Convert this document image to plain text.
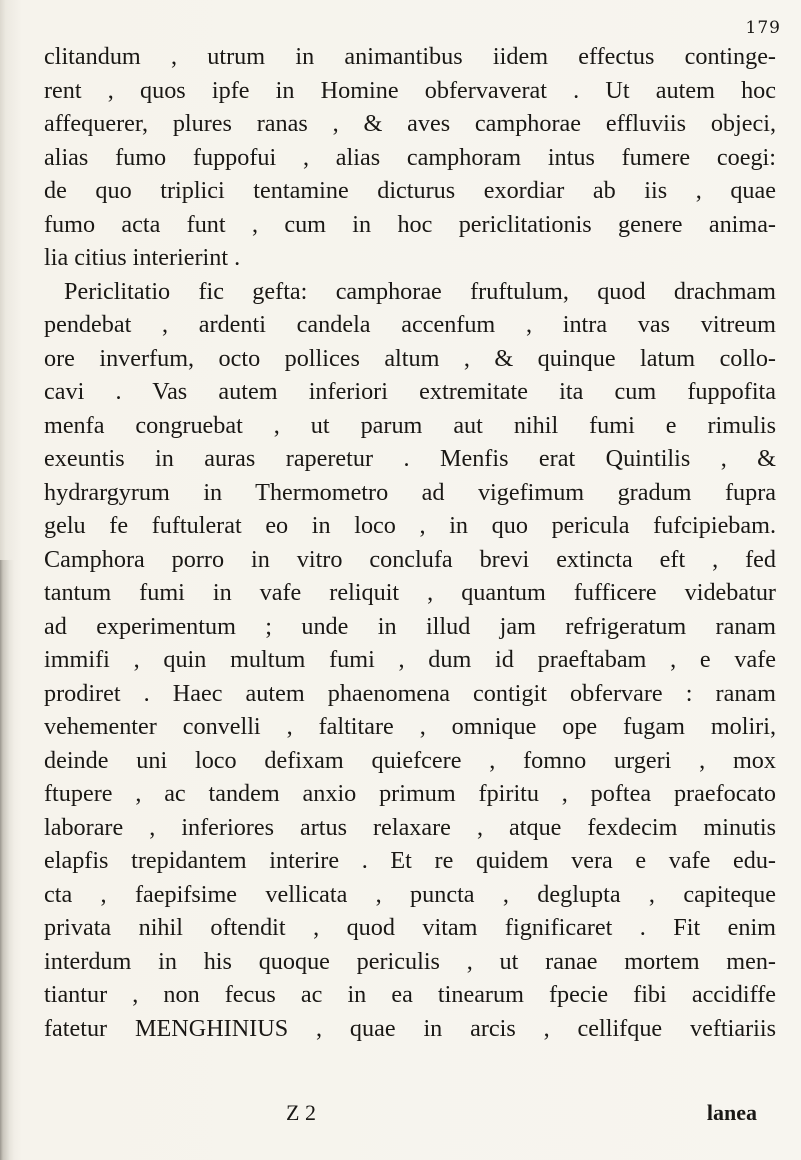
179
clitandum , utrum in animantibus iidem effectus continge-
rent , quos ipfe in Homine obfervaverat . Ut autem hoc
affequerer, plures ranas , & aves camphorae effluviis objeci,
alias fumo fuppofui , alias camphoram intus fumere coegi:
de quo triplici tentamine dicturus exordiar ab iis , quae
fumo acta funt , cum in hoc periclitationis genere anima-
lia citius interierint .
Periclitatio fic gefta: camphorae fruftulum, quod drachmam
pendebat , ardenti candela accenfum , intra vas vitreum
ore inverfum, octo pollices altum , & quinque latum collo-
cavi . Vas autem inferiori extremitate ita cum fuppofita
menfa congruebat , ut parum aut nihil fumi e rimulis
exeuntis in auras raperetur . Menfis erat Quintilis , &
hydrargyrum in Thermometro ad vigefimum gradum fupra
gelu fe fuftulerat eo in loco , in quo pericula fufcipiebam.
Camphora porro in vitro conclufa brevi extincta eft , fed
tantum fumi in vafe reliquit , quantum fufficere videbatur
ad experimentum ; unde in illud jam refrigeratum ranam
immifi , quin multum fumi , dum id praeftabam , e vafe
prodiret . Haec autem phaenomena contigit obfervare : ranam
vehementer convelli , faltitare , omnique ope fugam moliri,
deinde uni loco defixam quiefcere , fomno urgeri , mox
ftupere , ac tandem anxio primum fpiritu , poftea praefocato
laborare , inferiores artus relaxare , atque fexdecim minutis
elapfis trepidantem interire . Et re quidem vera e vafe edu-
cta , faepifsime vellicata , puncta , deglupta , capiteque
privata nihil oftendit , quod vitam fignificaret . Fit enim
interdum in his quoque periculis , ut ranae mortem men-
tiantur , non fecus ac in ea tinearum fpecie fibi accidiffe
fatetur MENGHINIUS , quae in arcis , cellifque veftiariis
Z 2	lanea
